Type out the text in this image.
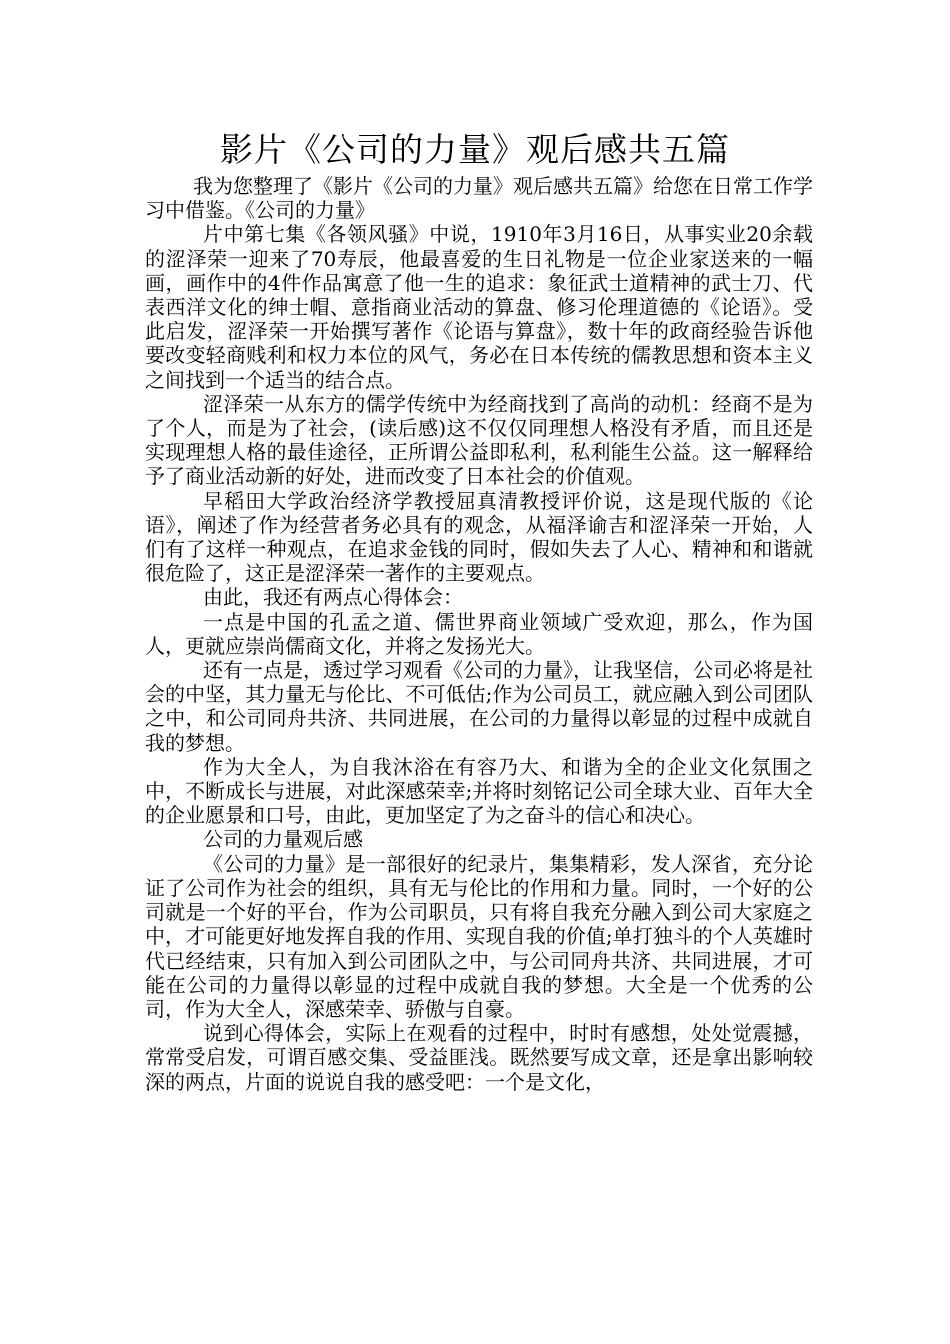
影片《公司的力量》观后感共五篇

我为您整理了《影片《公司的力量》观后感共五篇》给您在日常工作学习中借鉴。《公司的力量》

片中第七集《各领风骚》中说，1910年3月16日，从事实业20余载的涩泽荣一迎来了70寿辰，他最喜爱的生日礼物是一位企业家送来的一幅画，画作中的4件作品寓意了他一生的追求：象征武士道精神的武士刀、代表西洋文化的绅士帽、意指商业活动的算盘、修习伦理道德的《论语》。受此启发，涩泽荣一开始撰写著作《论语与算盘》，数十年的政商经验告诉他要改变轻商贱利和权力本位的风气，务必在日本传统的儒教思想和资本主义之间找到一个适当的结合点。

涩泽荣一从东方的儒学传统中为经商找到了高尚的动机：经商不是为了个人，而是为了社会，(读后感)这不仅仅同理想人格没有矛盾，而且还是实现理想人格的最佳途径，正所谓公益即私利，私利能生公益。这一解释给予了商业活动新的好处，进而改变了日本社会的价值观。

早稻田大学政治经济学教授屈真清教授评价说，这是现代版的《论语》，阐述了作为经营者务必具有的观念，从福泽谕吉和涩泽荣一开始，人们有了这样一种观点，在追求金钱的同时，假如失去了人心、精神和和谐就很危险了，这正是涩泽荣一著作的主要观点。

由此，我还有两点心得体会：

一点是中国的孔孟之道、儒世界商业领域广受欢迎，那么，作为国人，更就应崇尚儒商文化，并将之发扬光大。

还有一点是，透过学习观看《公司的力量》，让我坚信，公司必将是社会的中坚，其力量无与伦比、不可低估;作为公司员工，就应融入到公司团队之中，和公司同舟共济、共同进展，在公司的力量得以彰显的过程中成就自我的梦想。

作为大全人，为自我沐浴在有容乃大、和谐为全的企业文化氛围之中，不断成长与进展，对此深感荣幸;并将时刻铭记公司全球大业、百年大全的企业愿景和口号，由此，更加坚定了为之奋斗的信心和决心。

公司的力量观后感

《公司的力量》是一部很好的纪录片，集集精彩，发人深省，充分论证了公司作为社会的组织，具有无与伦比的作用和力量。同时，一个好的公司就是一个好的平台，作为公司职员，只有将自我充分融入到公司大家庭之中，才可能更好地发挥自我的作用、实现自我的价值;单打独斗的个人英雄时代已经结束，只有加入到公司团队之中，与公司同舟共济、共同进展，才可能在公司的力量得以彰显的过程中成就自我的梦想。大全是一个优秀的公司，作为大全人，深感荣幸、骄傲与自豪。

说到心得体会，实际上在观看的过程中，时时有感想，处处觉震撼，常常受启发，可谓百感交集、受益匪浅。既然要写成文章，还是拿出影响较深的两点，片面的说说自我的感受吧：一个是文化，
